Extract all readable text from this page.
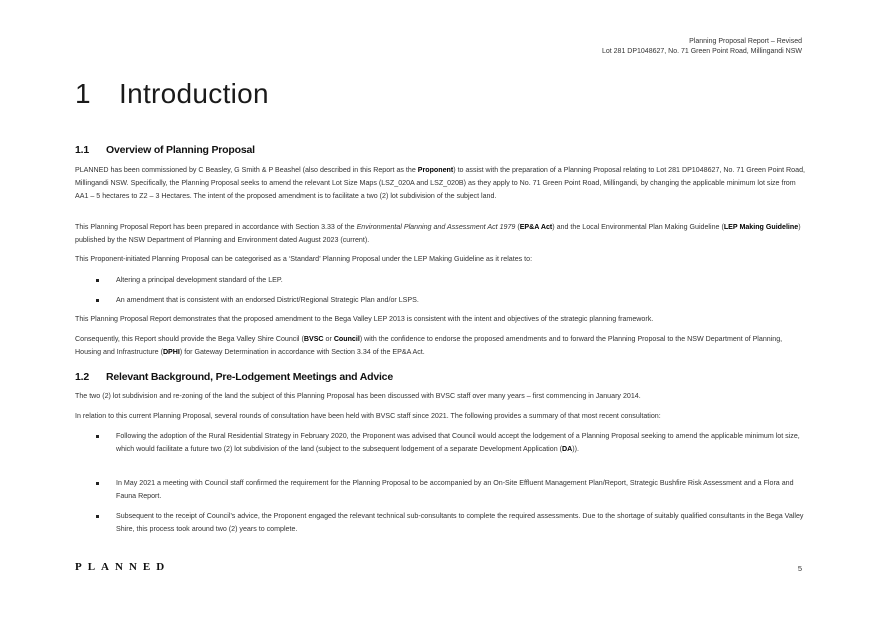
Planning Proposal Report – Revised
Lot 281 DP1048627, No. 71 Green Point Road, Millingandi NSW
1 Introduction
1.1 Overview of Planning Proposal

PLANNED has been commissioned by C Beasley, G Smith & P Beashel (also described in this Report as the Proponent) to assist with the preparation of a Planning Proposal relating to Lot 281 DP1048627, No. 71 Green Point Road, Millingandi NSW. Specifically, the Planning Proposal seeks to amend the relevant Lot Size Maps (LSZ_020A and LSZ_020B) as they apply to No. 71 Green Point Road, Millingandi, by changing the applicable minimum lot size from AA1 – 5 hectares to Z2 – 3 Hectares. The intent of the proposed amendment is to facilitate a two (2) lot subdivision of the subject land.

This Planning Proposal Report has been prepared in accordance with Section 3.33 of the Environmental Planning and Assessment Act 1979 (EP&A Act) and the Local Environmental Plan Making Guideline (LEP Making Guideline) published by the NSW Department of Planning and Environment dated August 2023 (current).

This Proponent-initiated Planning Proposal can be categorised as a ‘Standard’ Planning Proposal under the LEP Making Guideline as it relates to:

Altering a principal development standard of the LEP.
An amendment that is consistent with an endorsed District/Regional Strategic Plan and/or LSPS.

This Planning Proposal Report demonstrates that the proposed amendment to the Bega Valley LEP 2013 is consistent with the intent and objectives of the strategic planning framework.

Consequently, this Report should provide the Bega Valley Shire Council (BVSC or Council) with the confidence to endorse the proposed amendments and to forward the Planning Proposal to the NSW Department of Planning, Housing and Infrastructure (DPHI) for Gateway Determination in accordance with Section 3.34 of the EP&A Act.

1.2 Relevant Background, Pre-Lodgement Meetings and Advice

The two (2) lot subdivision and re-zoning of the land the subject of this Planning Proposal has been discussed with BVSC staff over many years – first commencing in January 2014.

In relation to this current Planning Proposal, several rounds of consultation have been held with BVSC staff since 2021. The following provides a summary of that most recent consultation:

Following the adoption of the Rural Residential Strategy in February 2020, the Proponent was advised that Council would accept the lodgement of a Planning Proposal seeking to amend the applicable minimum lot size, which would facilitate a future two (2) lot subdivision of the land (subject to the subsequent lodgement of a separate Development Application (DA)).
In May 2021 a meeting with Council staff confirmed the requirement for the Planning Proposal to be accompanied by an On-Site Effluent Management Plan/Report, Strategic Bushfire Risk Assessment and a Flora and Fauna Report.
Subsequent to the receipt of Council’s advice, the Proponent engaged the relevant technical sub-consultants to complete the required assessments. Due to the shortage of suitably qualified consultants in the Bega Valley Shire, this process took around two (2) years to complete.
PLANNED	5
